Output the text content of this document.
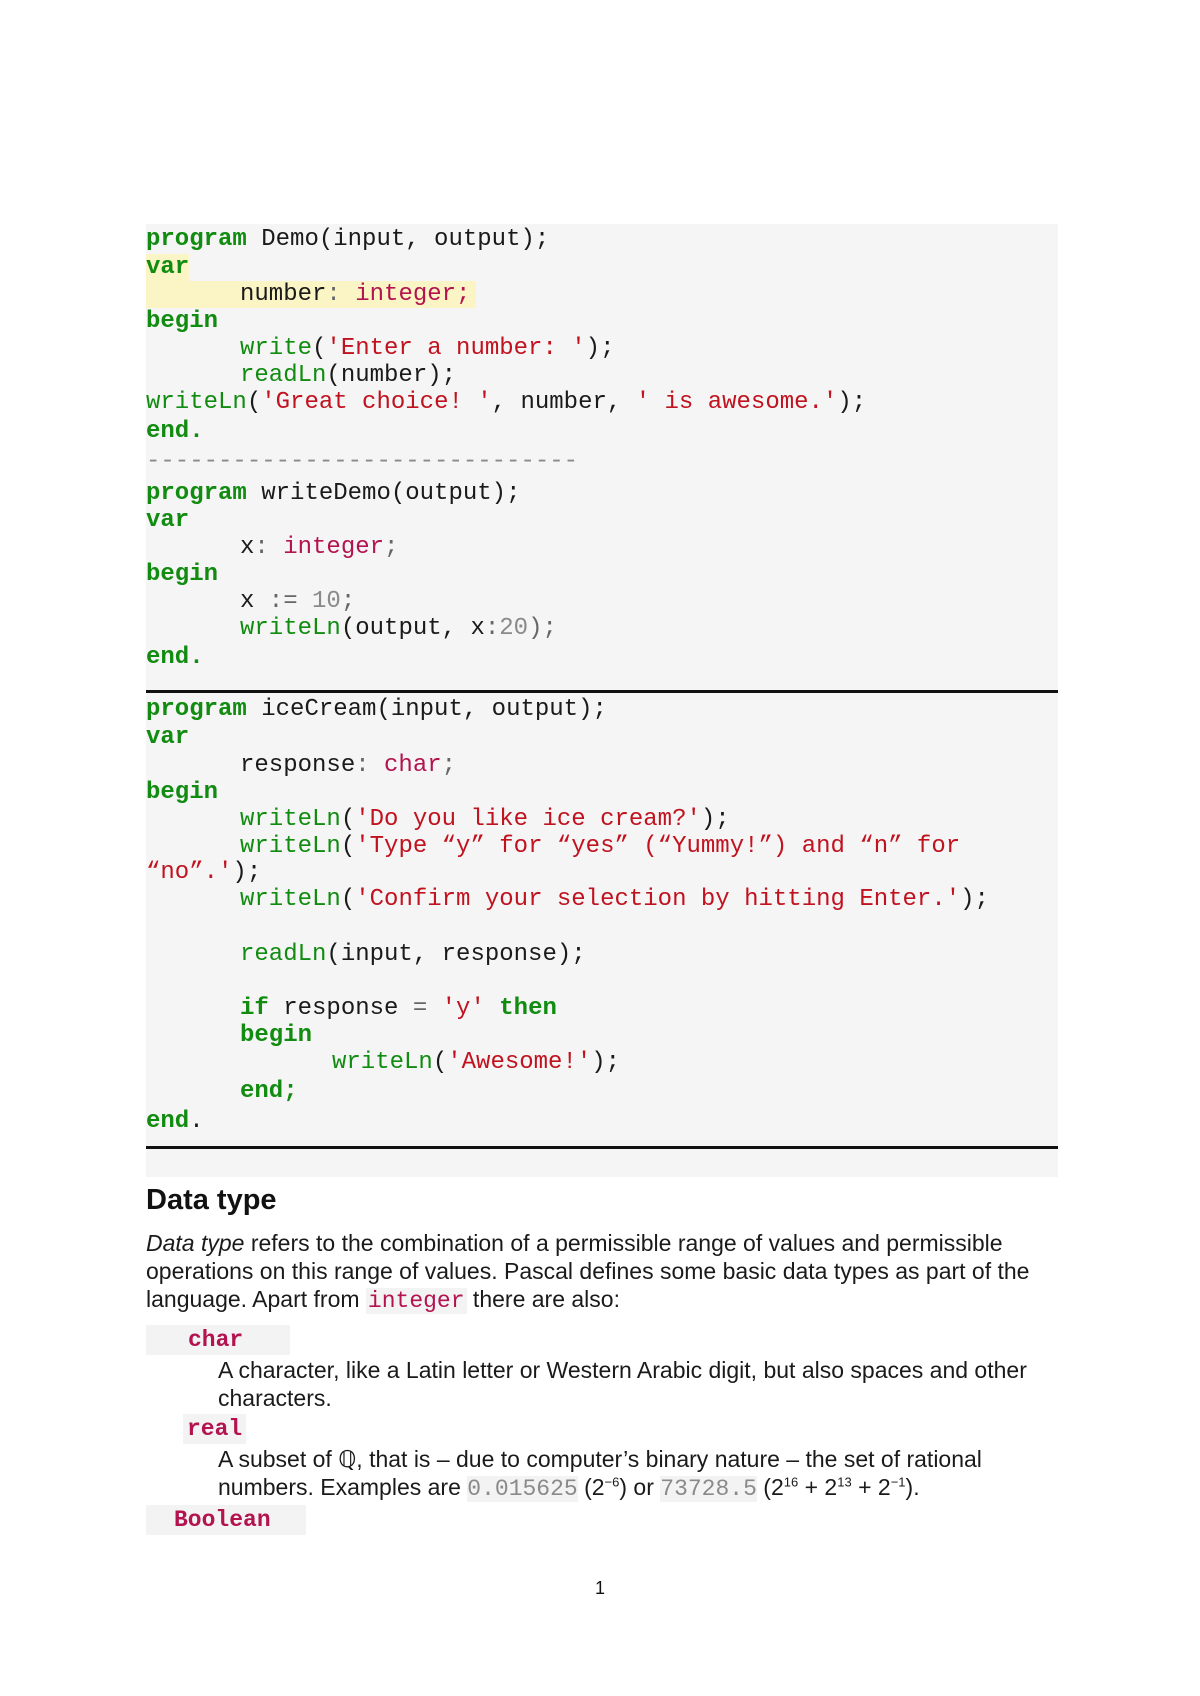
program Demo(input, output);
var
number: integer;
begin
write('Enter a number: ');
readLn(number);
writeLn('Great choice! ', number, ' is awesome.');
end.
------------------------------
program writeDemo(output);
var
x: integer;
begin
x := 10;
writeLn(output, x:20);
end.
program iceCream(input, output);
var
response: char;
begin
writeLn('Do you like ice cream?');
writeLn('Type “y” for “yes” (“Yummy!”) and “n” for
“no”.');
writeLn('Confirm your selection by hitting Enter.');
readLn(input, response);
if response = 'y' then
begin
writeLn('Awesome!');
end;
end.
Data type
Data type refers to the combination of a permissible range of values and permissible operations on this range of values. Pascal defines some basic data types as part of the language. Apart from integer there are also:
char
A character, like a Latin letter or Western Arabic digit, but also spaces and other characters.
real
A subset of ℚ, that is – due to computer’s binary nature – the set of rational numbers. Examples are 0.015625 $(2^{-6})$ or 73728.5 $(2^{16} + 2^{13} + 2^{-1})$.
Boolean
1
